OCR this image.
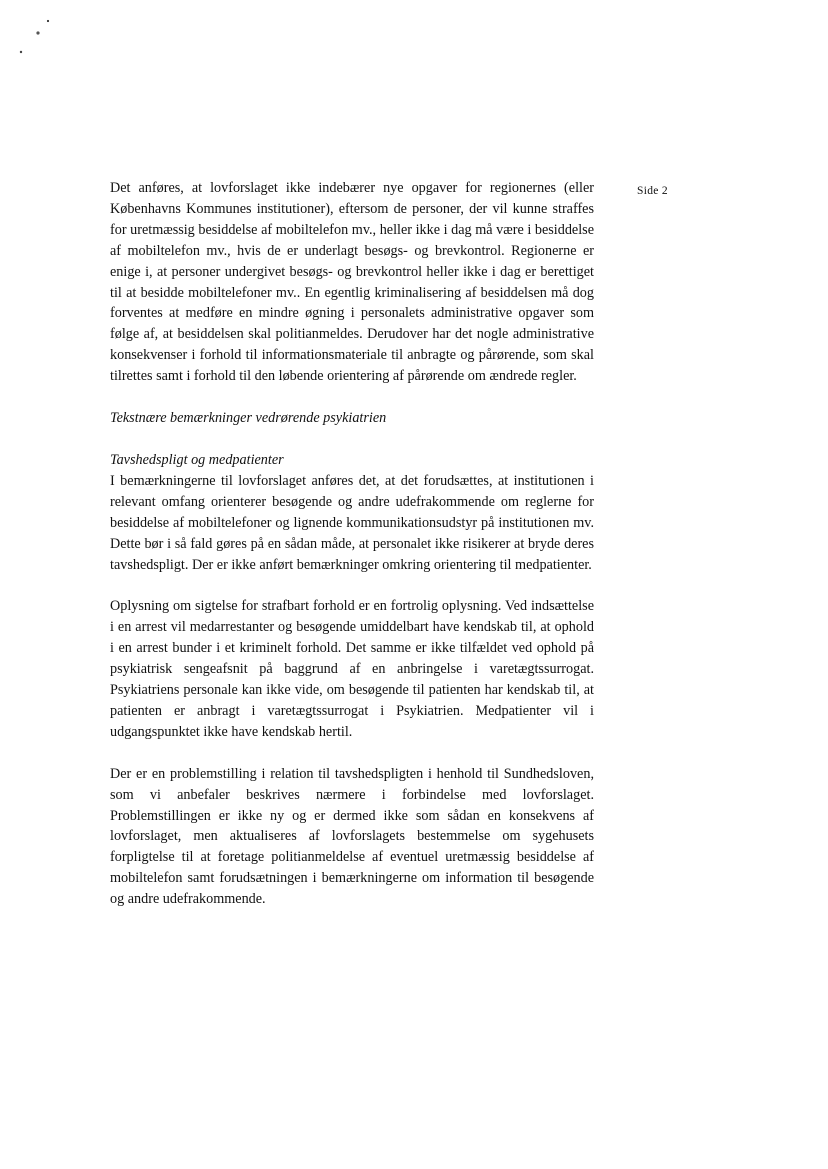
Side 2

Det anføres, at lovforslaget ikke indebærer nye opgaver for regionernes (eller Københavns Kommunes institutioner), eftersom de personer, der vil kunne straffes for uretmæssig besiddelse af mobiltelefon mv., heller ikke i dag må være i besiddelse af mobiltelefon mv., hvis de er underlagt besøgs- og brevkontrol. Regionerne er enige i, at personer undergivet besøgs- og brevkontrol heller ikke i dag er berettiget til at besidde mobiltelefoner mv.. En egentlig kriminalisering af besiddelsen må dog forventes at medføre en mindre øgning i personalets administrative opgaver som følge af, at besiddelsen skal politianmeldes. Derudover har det nogle administrative konsekvenser i forhold til informationsmateriale til anbragte og pårørende, som skal tilrettes samt i forhold til den løbende orientering af pårørende om ændrede regler.

Tekstnære bemærkninger vedrørende psykiatrien

Tavshedspligt og medpatienter

I bemærkningerne til lovforslaget anføres det, at det forudsættes, at institutionen i relevant omfang orienterer besøgende og andre udefrakommende om reglerne for besiddelse af mobiltelefoner og lignende kommunikationsudstyr på institutionen mv. Dette bør i så fald gøres på en sådan måde, at personalet ikke risikerer at bryde deres tavshedspligt. Der er ikke anført bemærkninger omkring orientering til medpatienter.

Oplysning om sigtelse for strafbart forhold er en fortrolig oplysning. Ved indsættelse i en arrest vil medarrestanter og besøgende umiddelbart have kendskab til, at ophold i en arrest bunder i et kriminelt forhold. Det samme er ikke tilfældet ved ophold på psykiatrisk sengeafsnit på baggrund af en anbringelse i varetægtssurrogat. Psykiatriens personale kan ikke vide, om besøgende til patienten har kendskab til, at patienten er anbragt i varetægtssurrogat i Psykiatrien. Medpatienter vil i udgangspunktet ikke have kendskab hertil.

Der er en problemstilling i relation til tavshedspligten i henhold til Sundhedsloven, som vi anbefaler beskrives nærmere i forbindelse med lovforslaget. Problemstillingen er ikke ny og er dermed ikke som sådan en konsekvens af lovforslaget, men aktualiseres af lovforslagets bestemmelse om sygehusets forpligtelse til at foretage politianmeldelse af eventuel uretmæssig besiddelse af mobiltelefon samt forudsætningen i bemærkningerne om information til besøgende og andre udefrakommende.
